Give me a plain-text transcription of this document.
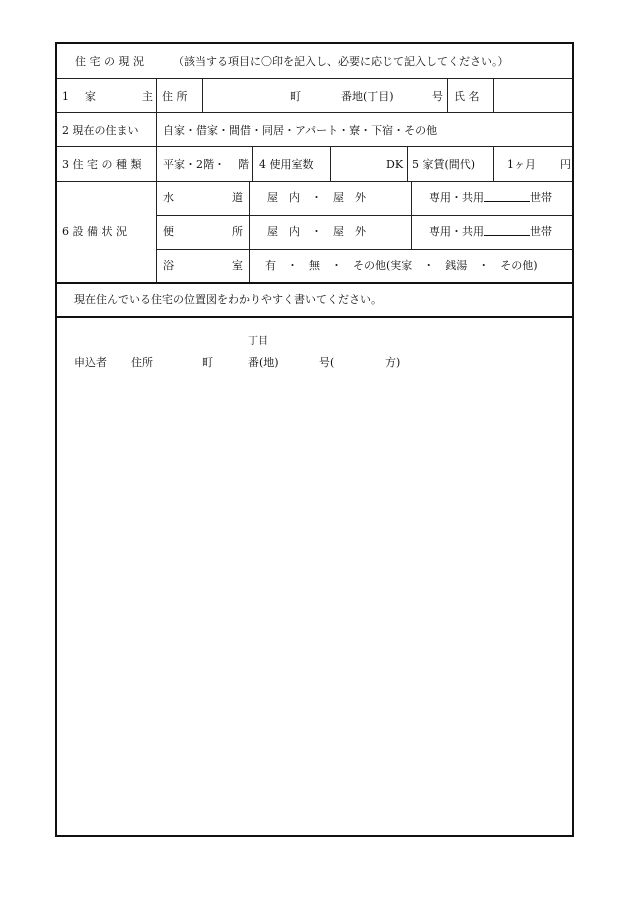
住 宅 の 現 況	（該当する項目に〇印を記入し、必要に応じて記入してください。）
1 家	主 住 所	町	番地(丁目)	号 氏 名
2 現在の住まい 自家・借家・間借・同居・アパート・寮・下宿・その他
3 住 宅 の 種 類 平家・2階・ 階 4 使用室数	DK 5 家賃(間代)	1ヶ月 円
6 設 備 状 況
水	道 屋　内　・　屋　外	専用・共用	世帯
便	所 屋　内　・　屋　外	専用・共用	世帯
浴	室 有　・　無　・　その他(実家　・　銭湯　・　その他)
現在住んでいる住宅の位置図をわかりやすく書いてください。
丁目
申込者 住所	町	番(地)	号(	方)
